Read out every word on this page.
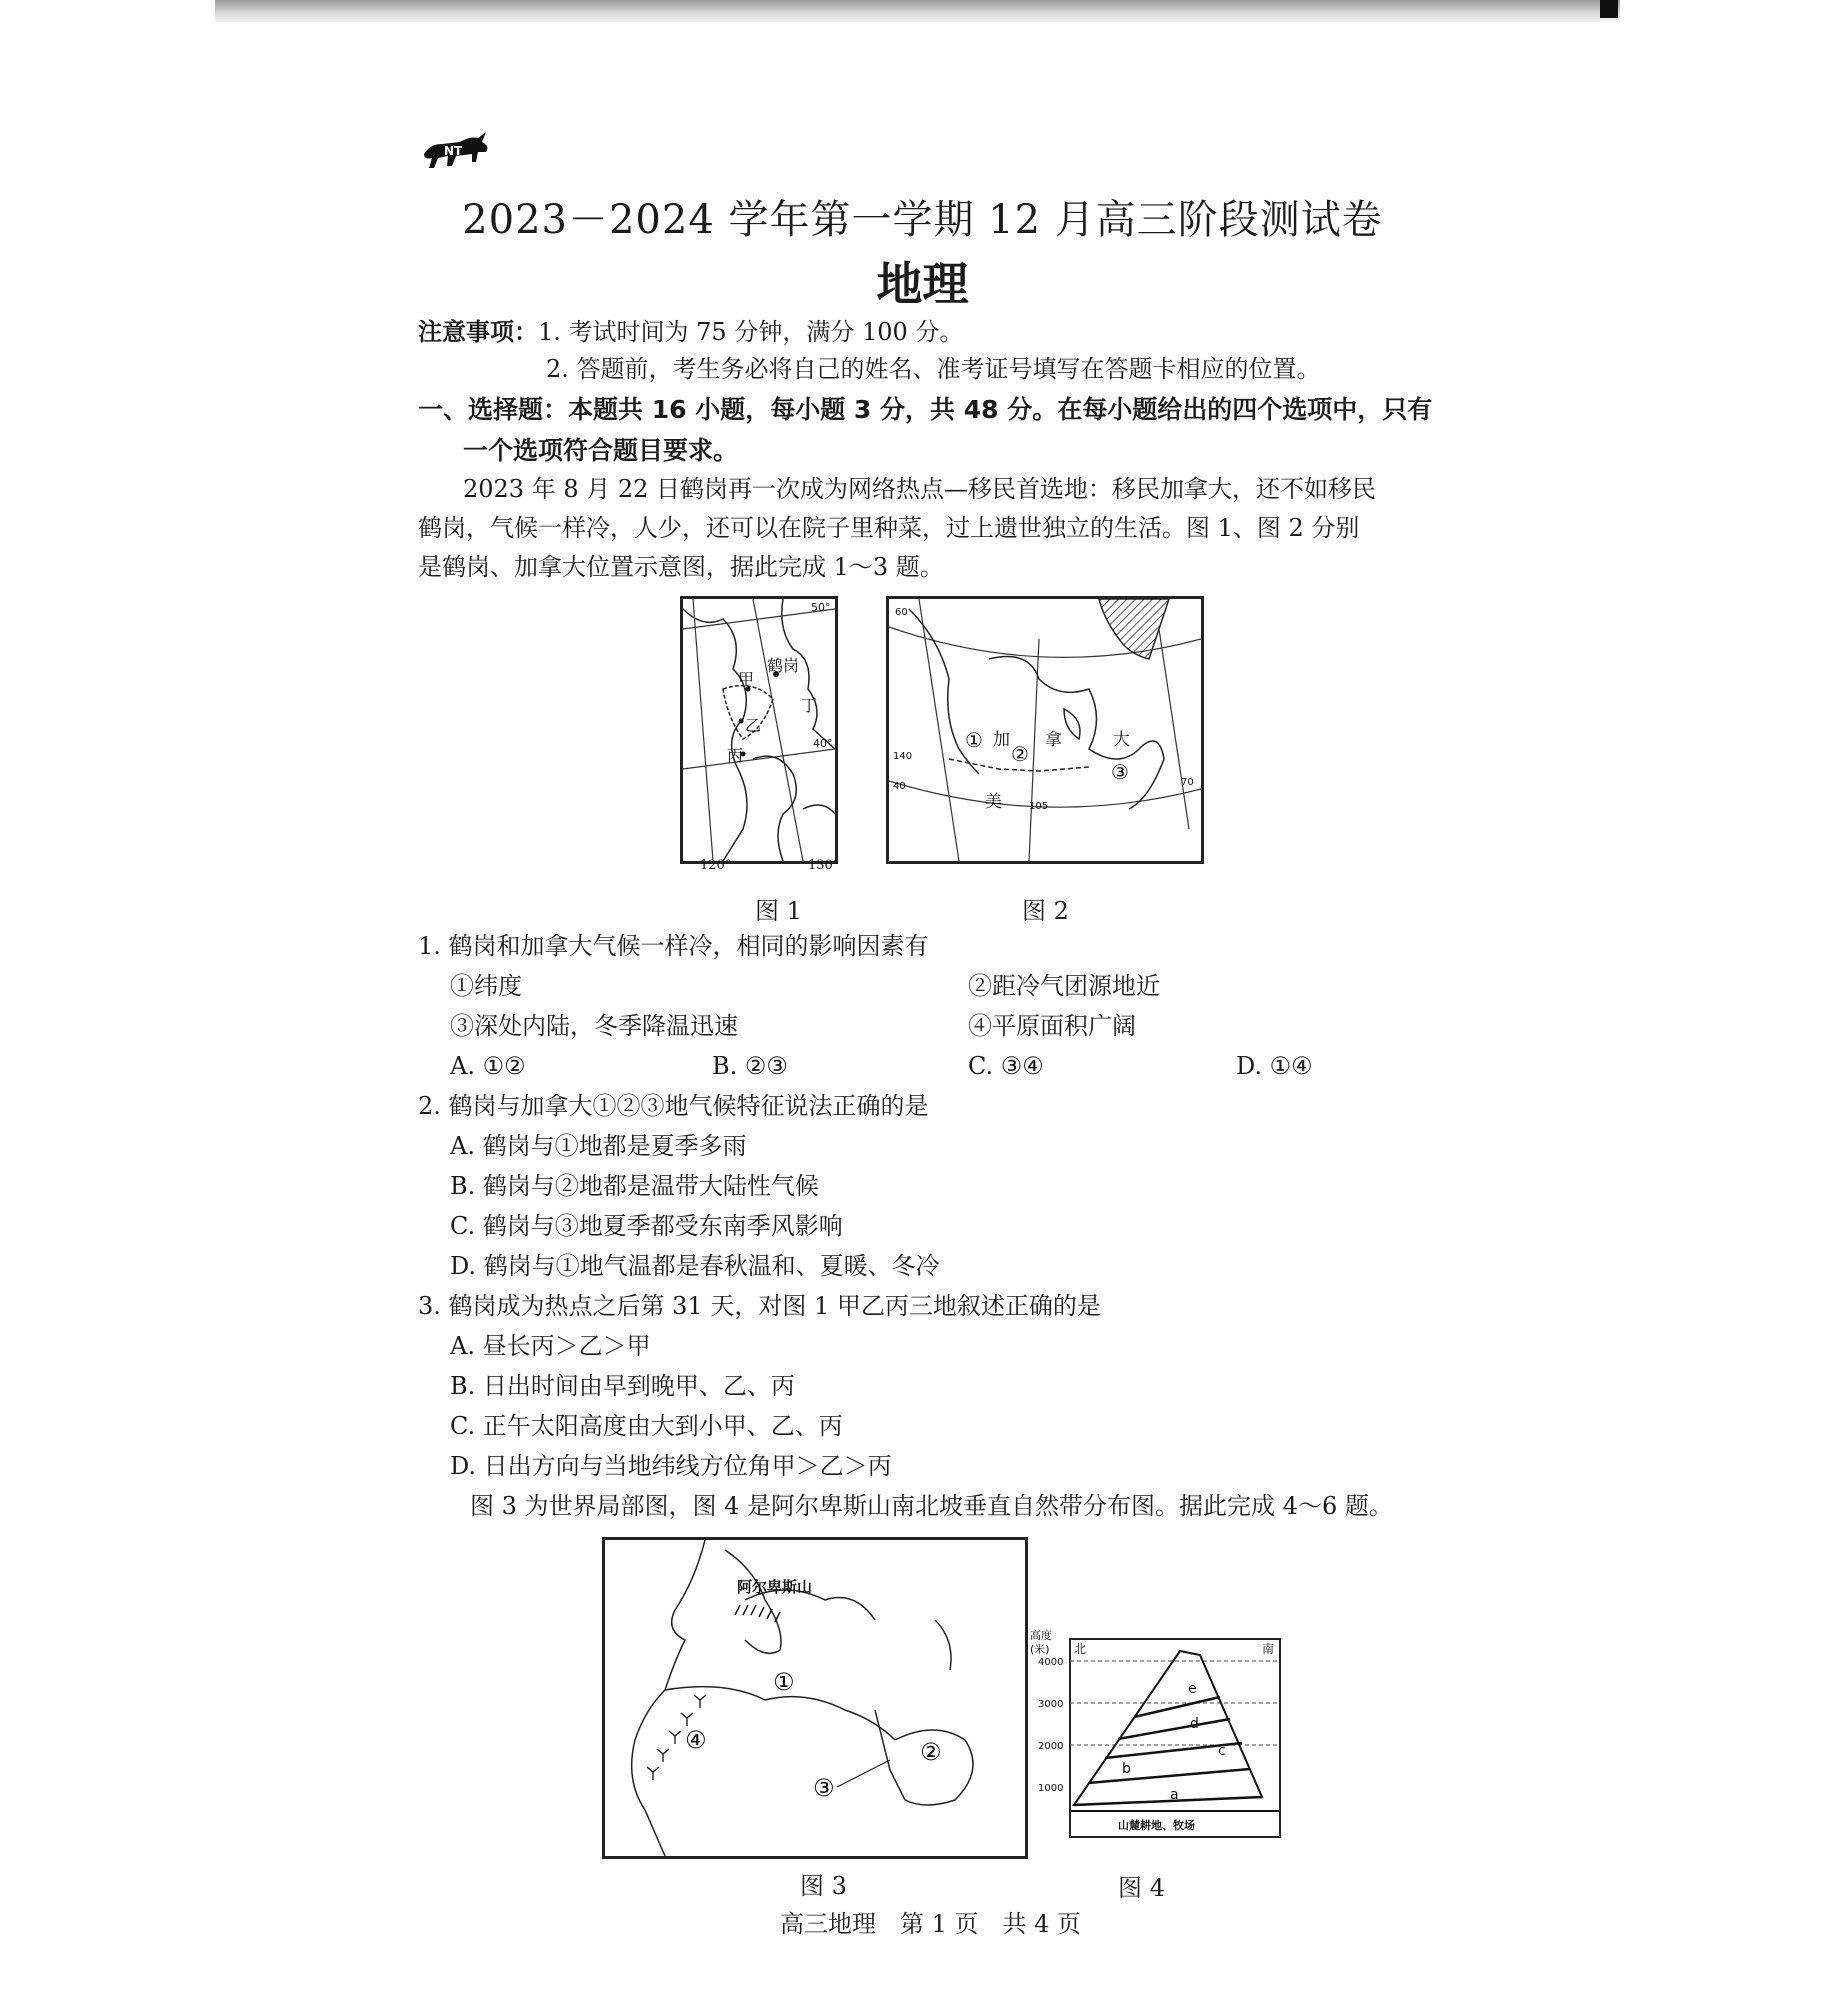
NT
2023－2024 学年第一学期 12 月高三阶段测试卷
地理
注意事项：1. 考试时间为 75 分钟，满分 100 分。
2. 答题前，考生务必将自己的姓名、准考证号填写在答题卡相应的位置。
一、选择题：本题共 16 小题，每小题 3 分，共 48 分。在每小题给出的四个选项中，只有
一个选项符合题目要求。
2023 年 8 月 22 日鹤岗再一次成为网络热点—移民首选地：移民加拿大，还不如移民
鹤岗，气候一样冷，人少，还可以在院子里种菜，过上遗世独立的生活。图 1、图 2 分别
是鹤岗、加拿大位置示意图，据此完成 1～3 题。
鹤岗
甲
乙
丙
丁
50°
40°
120°	130°
60
40
140
105
70
① 加
②
拿	大
③
美
图 1	图 2
1. 鹤岗和加拿大气候一样冷，相同的影响因素有
①纬度	②距冷气团源地近
③深处内陆，冬季降温迅速	④平原面积广阔
A. ①②	B. ②③	C. ③④	D. ①④
2. 鹤岗与加拿大①②③地气候特征说法正确的是
A. 鹤岗与①地都是夏季多雨
B. 鹤岗与②地都是温带大陆性气候
C. 鹤岗与③地夏季都受东南季风影响
D. 鹤岗与①地气温都是春秋温和、夏暖、冬冷
3. 鹤岗成为热点之后第 31 天，对图 1 甲乙丙三地叙述正确的是
A. 昼长丙＞乙＞甲
B. 日出时间由早到晚甲、乙、丙
C. 正午太阳高度由大到小甲、乙、丙
D. 日出方向与当地纬线方位角甲＞乙＞丙
图 3 为世界局部图，图 4 是阿尔卑斯山南北坡垂直自然带分布图。据此完成 4～6 题。
阿尔卑斯山
①
②
③
④
高度
(米) 北	南
4000
3000
2000
1000	a
b
c
d
e
山麓耕地、牧场
图 3	图 4
高三地理　第 1 页　共 4 页
